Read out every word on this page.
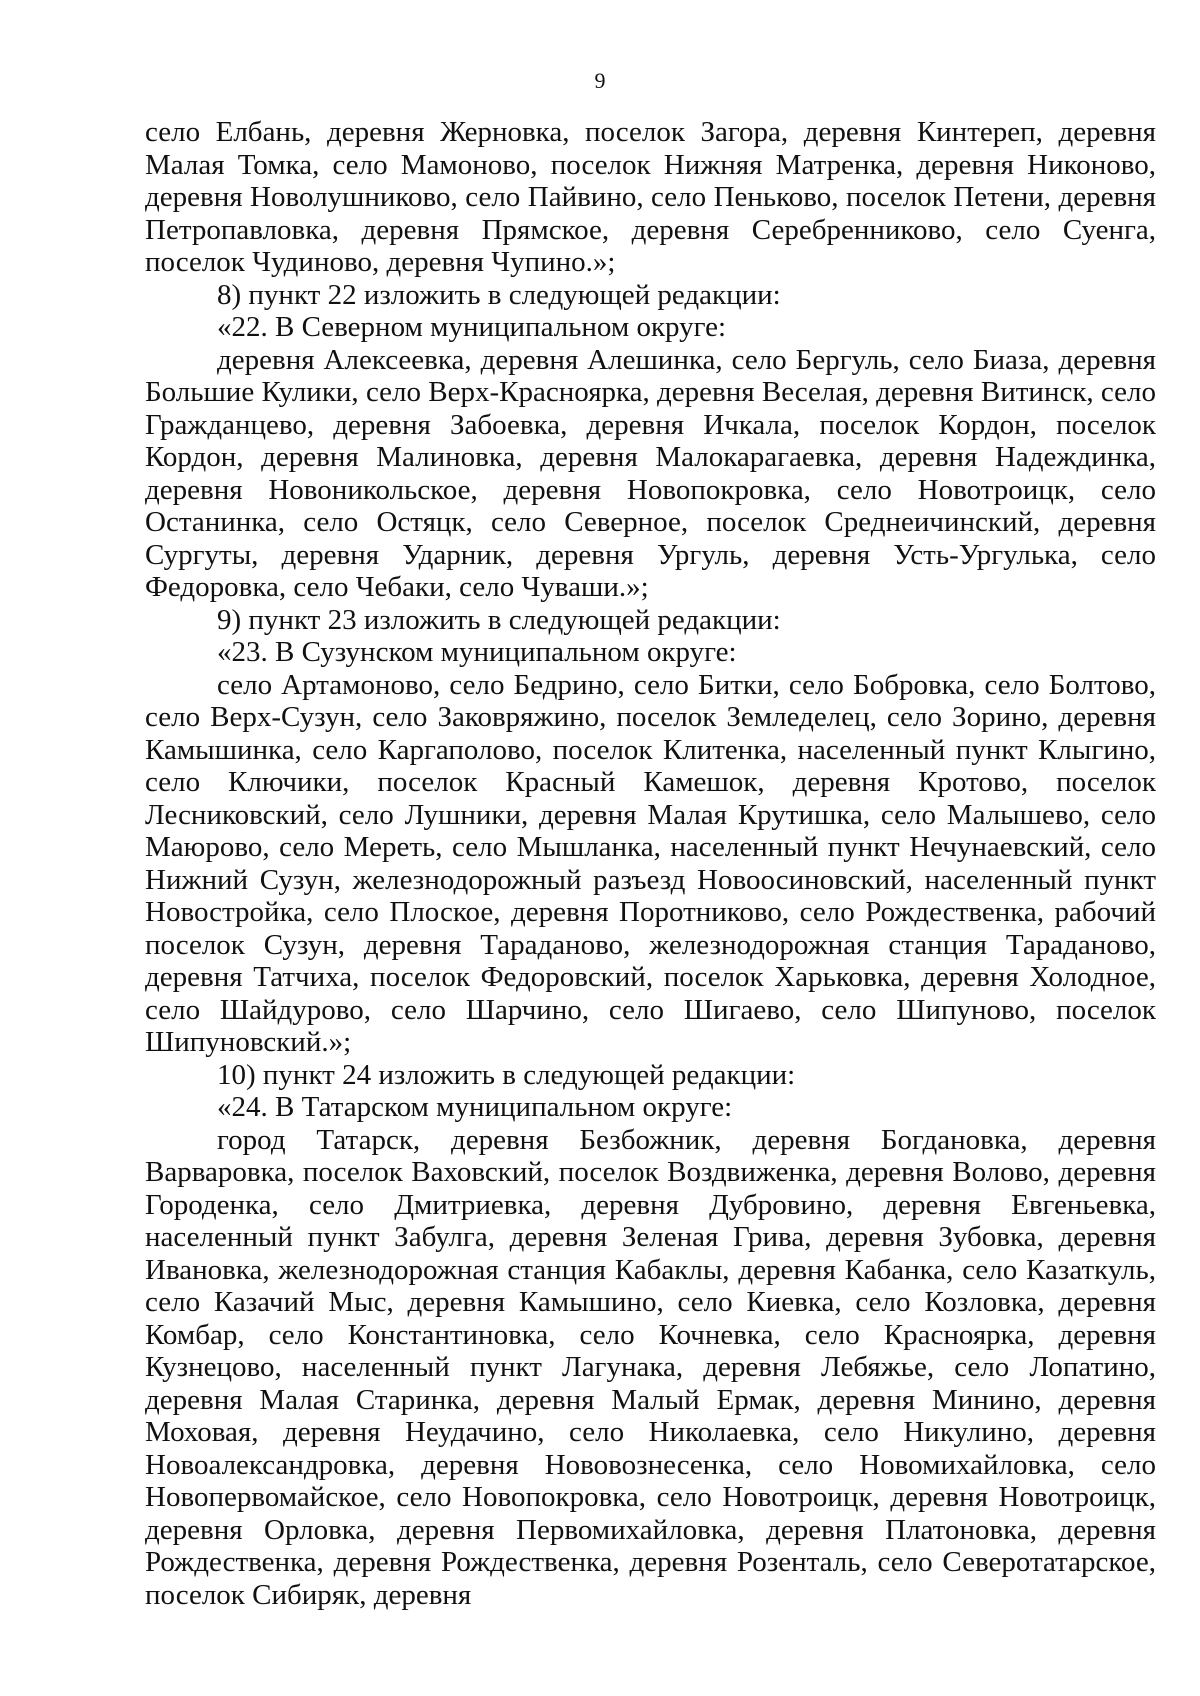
9

село Елбань, деревня Жерновка, поселок Загора, деревня Кинтереп, деревня Малая Томка, село Мамоново, поселок Нижняя Матренка, деревня Никоново, деревня Новолушниково, село Пайвино, село Пеньково, поселок Петени, деревня Петропавловка, деревня Прямское, деревня Серебренниково, село Суенга, поселок Чудиново, деревня Чупино.»;

8) пункт 22 изложить в следующей редакции:

«22. В Северном муниципальном округе:

деревня Алексеевка, деревня Алешинка, село Бергуль, село Биаза, деревня Большие Кулики, село Верх-Красноярка, деревня Веселая, деревня Витинск, село Гражданцево, деревня Забоевка, деревня Ичкала, поселок Кордон, поселок Кордон, деревня Малиновка, деревня Малокарагаевка, деревня Надеждинка, деревня Новоникольское, деревня Новопокровка, село Новотроицк, село Останинка, село Остяцк, село Северное, поселок Среднеичинский, деревня Сургуты, деревня Ударник, деревня Ургуль, деревня Усть-Ургулька, село Федоровка, село Чебаки, село Чуваши.»;

9) пункт 23 изложить в следующей редакции:

«23. В Сузунском муниципальном округе:

село Артамоново, село Бедрино, село Битки, село Бобровка, село Болтово, село Верх-Сузун, село Заковряжино, поселок Земледелец, село Зорино, деревня Камышинка, село Каргаполово, поселок Клитенка, населенный пункт Клыгино, село Ключики, поселок Красный Камешок, деревня Кротово, поселок Лесниковский, село Лушники, деревня Малая Крутишка, село Малышево, село Маюрово, село Мереть, село Мышланка, населенный пункт Нечунаевский, село Нижний Сузун, железнодорожный разъезд Новоосиновский, населенный пункт Новостройка, село Плоское, деревня Поротниково, село Рождественка, рабочий поселок Сузун, деревня Тараданово, железнодорожная станция Тараданово, деревня Татчиха, поселок Федоровский, поселок Харьковка, деревня Холодное, село Шайдурово, село Шарчино, село Шигаево, село Шипуново, поселок Шипуновский.»;

10) пункт 24 изложить в следующей редакции:

«24. В Татарском муниципальном округе:

город Татарск, деревня Безбожник, деревня Богдановка, деревня Варваровка, поселок Ваховский, поселок Воздвиженка, деревня Волово, деревня Городенка, село Дмитриевка, деревня Дубровино, деревня Евгеньевка, населенный пункт Забулга, деревня Зеленая Грива, деревня Зубовка, деревня Ивановка, железнодорожная станция Кабаклы, деревня Кабанка, село Казаткуль, село Казачий Мыс, деревня Камышино, село Киевка, село Козловка, деревня Комбар, село Константиновка, село Кочневка, село Красноярка, деревня Кузнецово, населенный пункт Лагунака, деревня Лебяжье, село Лопатино, деревня Малая Старинка, деревня Малый Ермак, деревня Минино, деревня Моховая, деревня Неудачино, село Николаевка, село Никулино, деревня Новоалександровка, деревня Нововознесенка, село Новомихайловка, село Новопервомайское, село Новопокровка, село Новотроицк, деревня Новотроицк, деревня Орловка, деревня Первомихайловка, деревня Платоновка, деревня Рождественка, деревня Рождественка, деревня Розенталь, село Северотатарское, поселок Сибиряк, деревня
